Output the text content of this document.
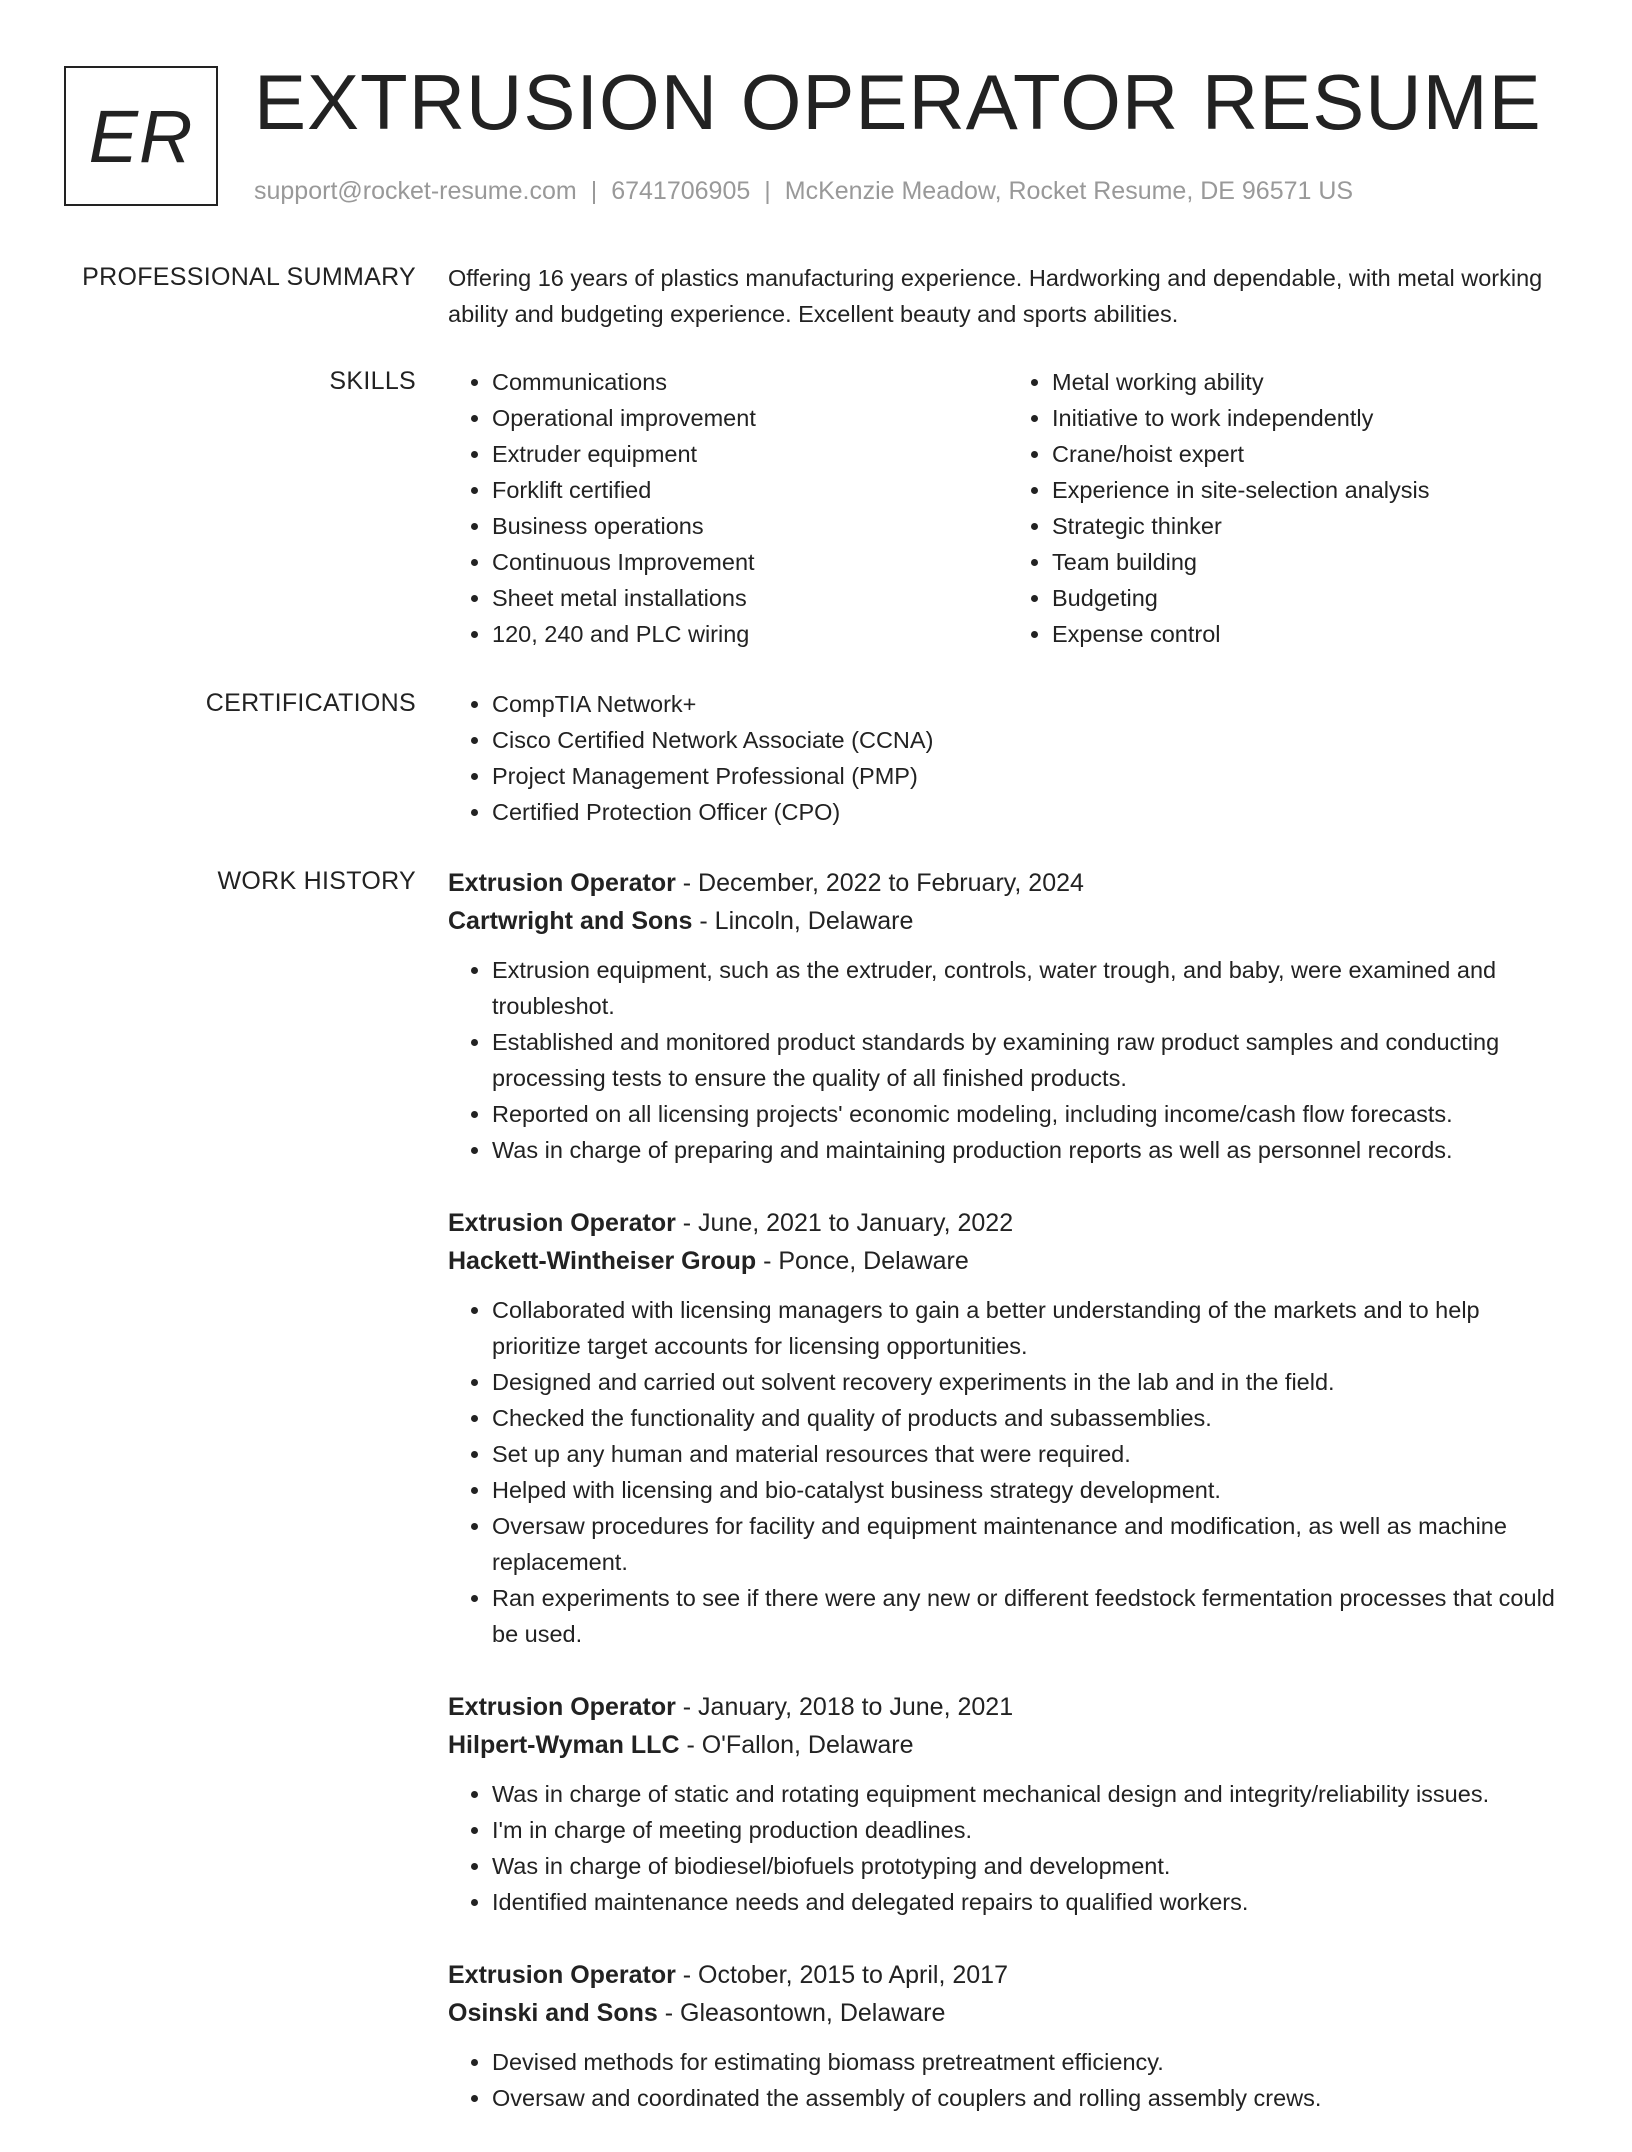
ER EXTRUSION OPERATOR RESUME
support@rocket-resume.com | 6741706905 | McKenzie Meadow, Rocket Resume, DE 96571 US
PROFESSIONAL SUMMARY Offering 16 years of plastics manufacturing experience. Hardworking and dependable, with metal working ability and budgeting experience. Excellent beauty and sports abilities.

SKILLS	• Communications
• Operational improvement
• Extruder equipment
• Forklift certified
• Business operations
• Continuous Improvement
• Sheet metal installations
• 120, 240 and PLC wiring
• Metal working ability
• Initiative to work independently
• Crane/hoist expert
• Experience in site-selection analysis
• Strategic thinker
• Team building
• Budgeting
• Expense control
CERTIFICATIONS	• CompTIA Network+
• Cisco Certified Network Associate (CCNA)
• Project Management Professional (PMP)
• Certified Protection Officer (CPO)
WORK HISTORY Extrusion Operator - December, 2022 to February, 2024
Cartwright and Sons - Lincoln, Delaware
• Extrusion equipment, such as the extruder, controls, water trough, and baby, were examined and troubleshot.
• Established and monitored product standards by examining raw product samples and conducting processing tests to ensure the quality of all finished products.
• Reported on all licensing projects' economic modeling, including income/cash flow forecasts.
• Was in charge of preparing and maintaining production reports as well as personnel records.
Extrusion Operator - June, 2021 to January, 2022
Hackett-Wintheiser Group - Ponce, Delaware
• Collaborated with licensing managers to gain a better understanding of the markets and to help prioritize target accounts for licensing opportunities.
• Designed and carried out solvent recovery experiments in the lab and in the field.
• Checked the functionality and quality of products and subassemblies.
• Set up any human and material resources that were required.
• Helped with licensing and bio-catalyst business strategy development.
• Oversaw procedures for facility and equipment maintenance and modification, as well as machine replacement.
• Ran experiments to see if there were any new or different feedstock fermentation processes that could be used.
Extrusion Operator - January, 2018 to June, 2021
Hilpert-Wyman LLC - O'Fallon, Delaware
• Was in charge of static and rotating equipment mechanical design and integrity/reliability issues.
• I'm in charge of meeting production deadlines.
• Was in charge of biodiesel/biofuels prototyping and development.
• Identified maintenance needs and delegated repairs to qualified workers.
Extrusion Operator - October, 2015 to April, 2017
Osinski and Sons - Gleasontown, Delaware
• Devised methods for estimating biomass pretreatment efficiency.
• Oversaw and coordinated the assembly of couplers and rolling assembly crews.
